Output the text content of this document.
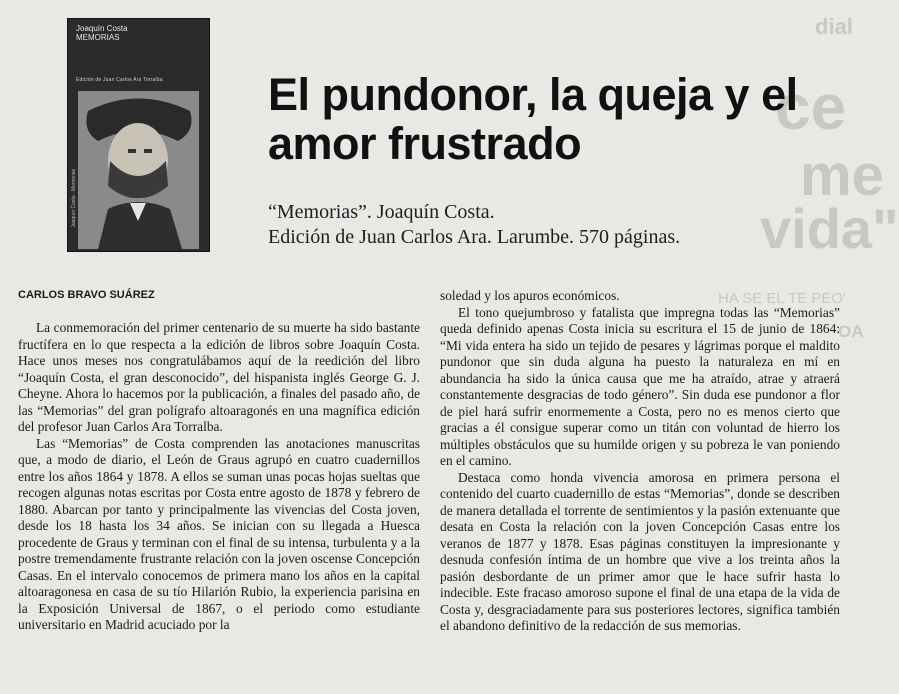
dial
ce
me
vida"
HA SE EL TE PEO'
OA
Joaquín Costa
MEMORIAS
Edición de Juan Carlos Ara Torralba
Joaquín Costa · Memorias
El pundonor, la queja y el amor frustrado
“Memorias”. Joaquín Costa.
Edición de Juan Carlos Ara. Larumbe. 570 páginas.
CARLOS BRAVO SUÁREZ

La conmemoración del primer centenario de su muerte ha sido bastante fructífera en lo que respecta a la edición de libros sobre Joaquín Costa. Hace unos meses nos congratulábamos aquí de la reedición del libro “Joaquín Costa, el gran desconocido”, del hispanista inglés George G. J. Cheyne. Ahora lo hacemos por la publicación, a finales del pasado año, de las “Memorias” del gran polígrafo altoaragonés en una magnífica edición del profesor Juan Carlos Ara Torralba.

Las “Memorias” de Costa comprenden las anotaciones manuscritas que, a modo de diario, el León de Graus agrupó en cuatro cuadernillos entre los años 1864 y 1878. A ellos se suman unas pocas hojas sueltas que recogen algunas notas escritas por Costa entre agosto de 1878 y febrero de 1880. Abarcan por tanto y principalmente las vivencias del Costa joven, desde los 18 hasta los 34 años. Se inician con su llegada a Huesca procedente de Graus y terminan con el final de su intensa, turbulenta y a la postre tremendamente frustrante relación con la joven oscense Concepción Casas. En el intervalo conocemos de primera mano los años en la capital altoaragonesa en casa de su tío Hilarión Rubio, la experiencia parisina en la Exposición Universal de 1867, o el periodo como estudiante universitario en Madrid acuciado por la

soledad y los apuros económicos.

El tono quejumbroso y fatalista que impregna todas las “Memorias” queda definido apenas Costa inicia su escritura el 15 de junio de 1864: “Mi vida entera ha sido un tejido de pesares y lágrimas porque el maldito pundonor que sin duda alguna ha puesto la naturaleza en mí en abundancia ha sido la única causa que me ha atraído, atrae y atraerá constantemente desgracias de todo género”. Sin duda ese pundonor a flor de piel hará sufrir enormemente a Costa, pero no es menos cierto que gracias a él consigue superar como un titán con voluntad de hierro los múltiples obstáculos que su humilde origen y su pobreza le van poniendo en el camino.

Destaca como honda vivencia amorosa en primera persona el contenido del cuarto cuadernillo de estas “Memorias”, donde se describen de manera detallada el torrente de sentimientos y la pasión extenuante que desata en Costa la relación con la joven Concepción Casas entre los veranos de 1877 y 1878. Esas páginas constituyen la impresionante y desnuda confesión íntima de un hombre que vive a los treinta años la pasión desbordante de un primer amor que le hace sufrir hasta lo indecible. Este fracaso amoroso supone el final de una etapa de la vida de Costa y, desgraciadamente para sus posteriores lectores, significa también el abandono definitivo de la redacción de sus memorias.
